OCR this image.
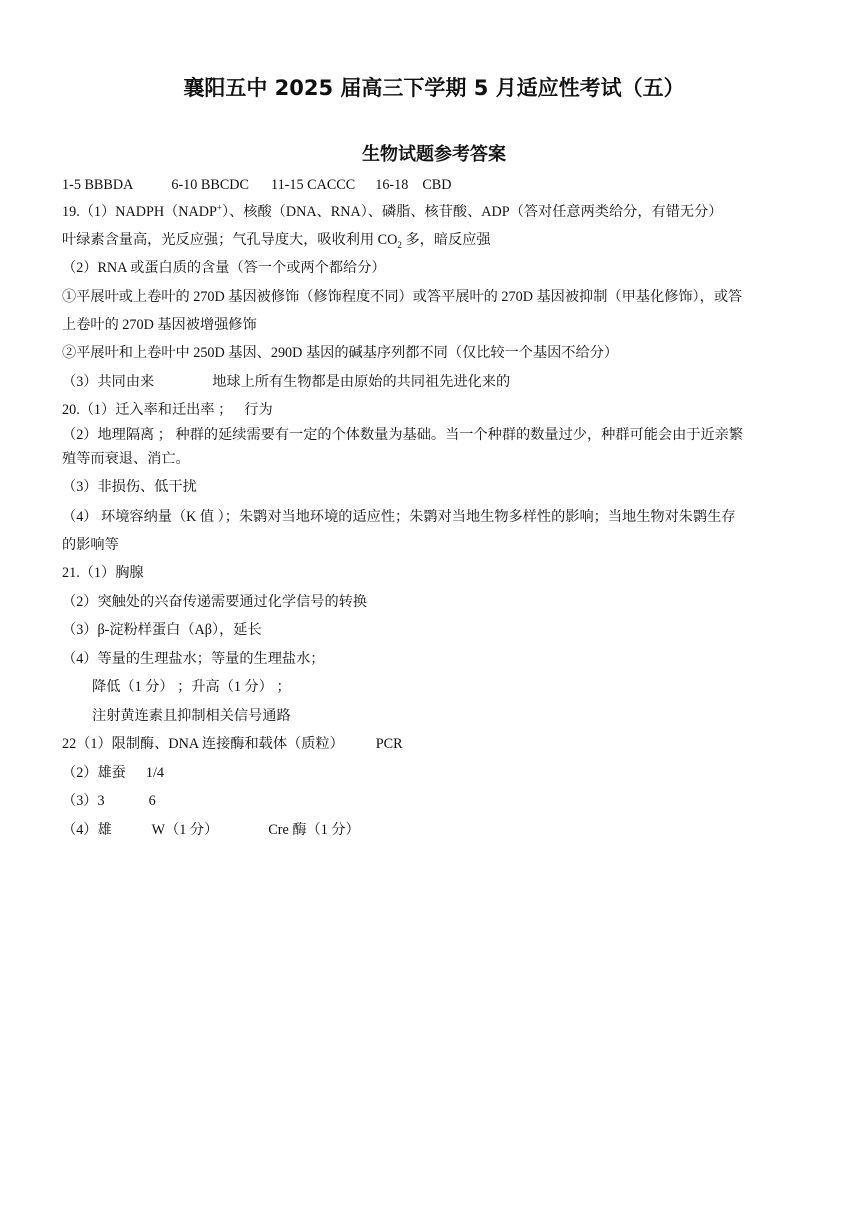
襄阳五中 2025 届高三下学期 5 月适应性考试（五）
生物试题参考答案
1-5 BBBDA	6-10 BBCDC 11-15 CACCC 16-18 CBD
19.（1）NADPH（NADP+）、核酸（DNA、RNA）、磷脂、核苷酸、ADP（答对任意两类给分，有错无分）
叶绿素含量高，光反应强；气孔导度大，吸收利用 $CO_2$ 多，暗反应强
（2）RNA 或蛋白质的含量（答一个或两个都给分）
①平展叶或上卷叶的 270D 基因被修饰（修饰程度不同）或答平展叶的 270D 基因被抑制（甲基化修饰），或答
上卷叶的 270D 基因被增强修饰
②平展叶和上卷叶中 250D 基因、290D 基因的碱基序列都不同（仅比较一个基因不给分）
（3）共同由来	地球上所有生物都是由原始的共同祖先进化来的
20.（1）迁入率和迁出率 ； 行为
（2）地理隔离 ； 种群的延续需要有一定的个体数量为基础。当一个种群的数量过少，种群可能会由于近亲繁
殖等而衰退、消亡。
（3）非损伤、低干扰
（4） 环境容纳量（K 值 ）；朱鹮对当地环境的适应性；朱鹮对当地生物多样性的影响；当地生物对朱鹮生存
的影响等
21.（1）胸腺
（2）突触处的兴奋传递需要通过化学信号的转换
（3）β-淀粉样蛋白（Aβ），延长
（4）等量的生理盐水；等量的生理盐水；
降低（1 分） ；升高（1 分） ；
注射黄连素且抑制相关信号通路
22（1）限制酶、DNA 连接酶和载体（质粒） PCR
（2）雄蚕 1/4
（3）3	6
（4）雄	W（1 分）	Cre 酶（1 分）
